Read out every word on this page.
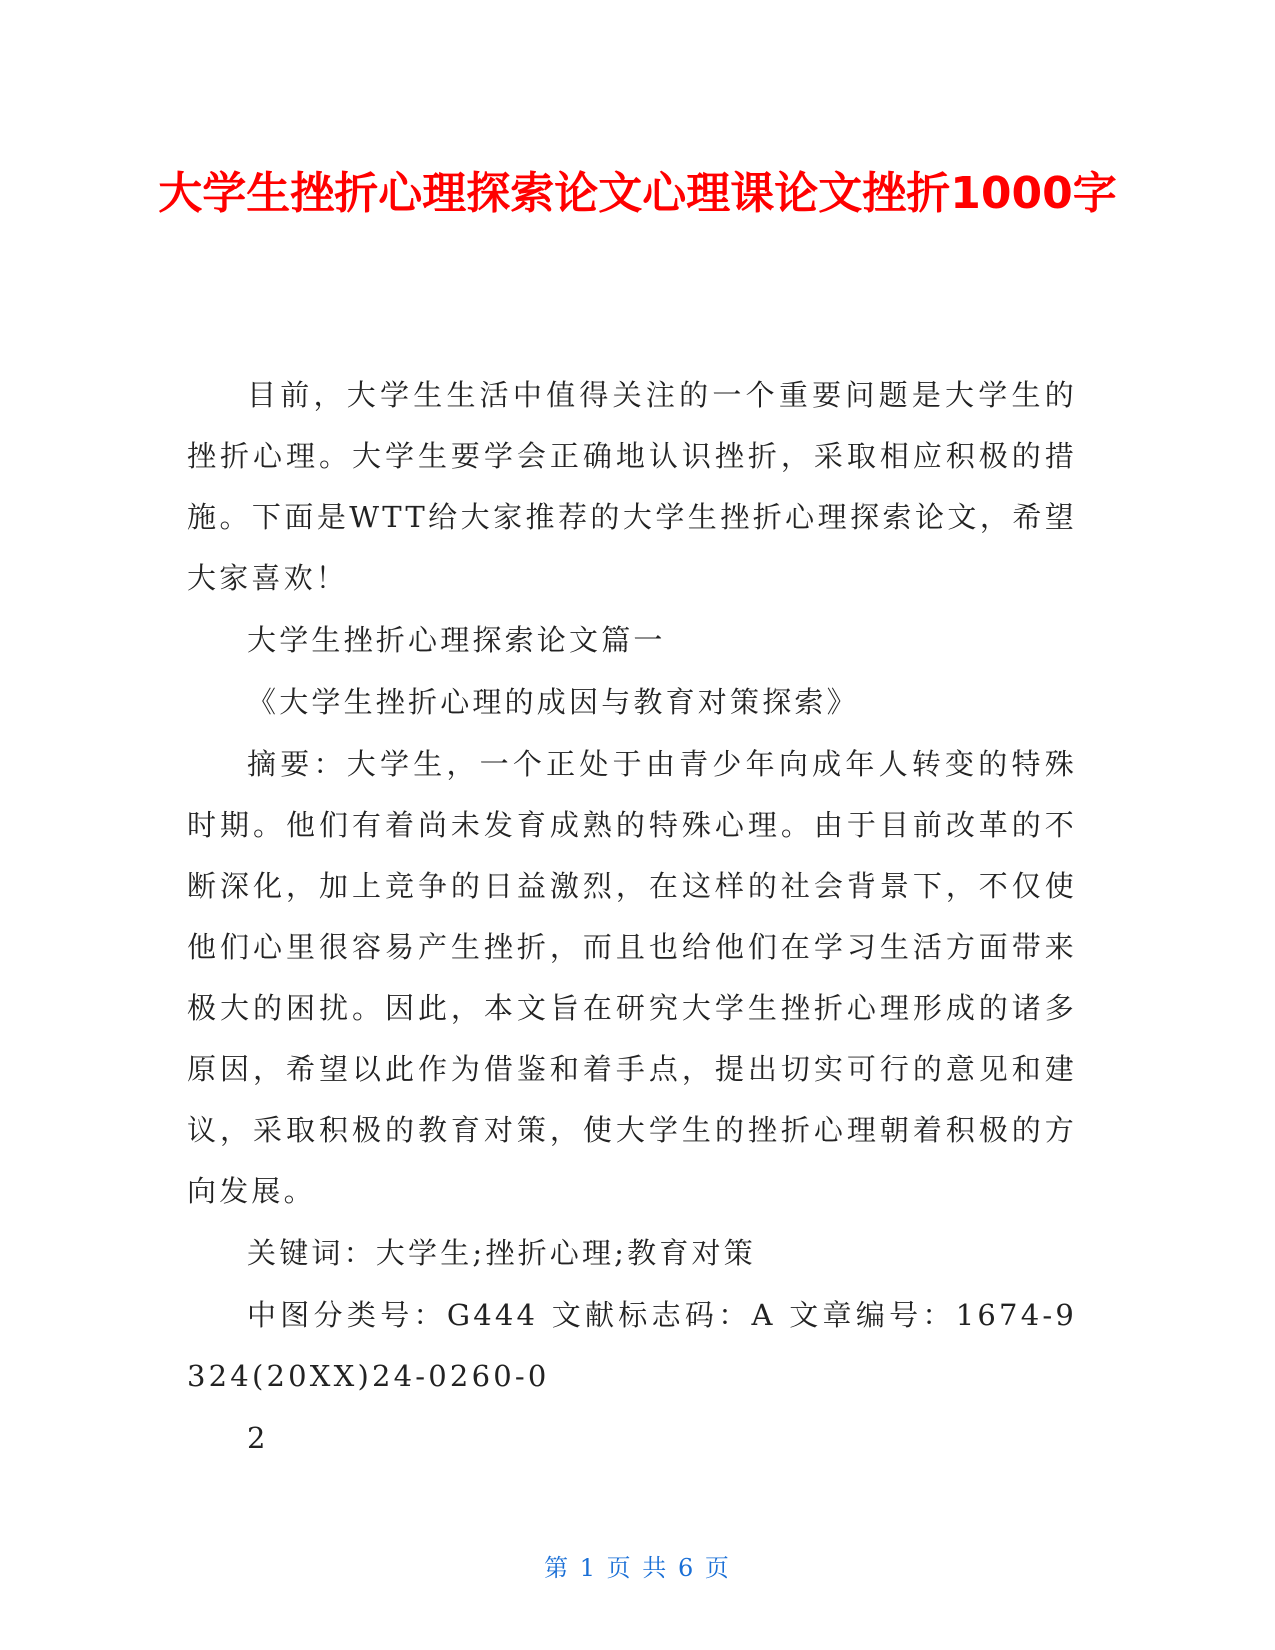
大学生挫折心理探索论文心理课论文挫折1000字

目前，大学生生活中值得关注的一个重要问题是大学生的挫折心理。大学生要学会正确地认识挫折，采取相应积极的措施。下面是WTT给大家推荐的大学生挫折心理探索论文，希望大家喜欢！

大学生挫折心理探索论文篇一

《大学生挫折心理的成因与教育对策探索》

摘要：大学生，一个正处于由青少年向成年人转变的特殊时期。他们有着尚未发育成熟的特殊心理。由于目前改革的不断深化，加上竞争的日益激烈，在这样的社会背景下，不仅使他们心里很容易产生挫折，而且也给他们在学习生活方面带来极大的困扰。因此，本文旨在研究大学生挫折心理形成的诸多原因，希望以此作为借鉴和着手点，提出切实可行的意见和建议，采取积极的教育对策，使大学生的挫折心理朝着积极的方向发展。

关键词：大学生;挫折心理;教育对策

中图分类号：G444 文献标志码：A 文章编号：1674-9324(20XX)24-0260-0

2

第 1 页 共 6 页
